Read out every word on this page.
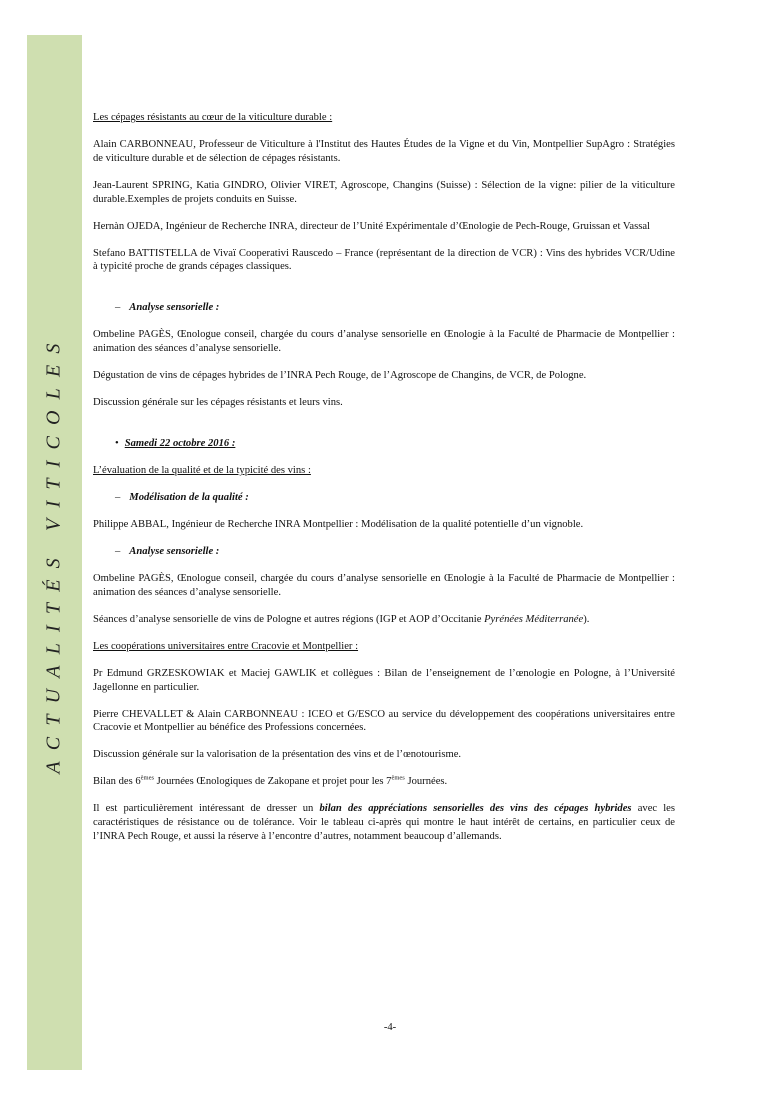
ACTUALITÉS VITICOLES

Les cépages résistants au cœur de la viticulture durable :

Alain CARBONNEAU, Professeur de Viticulture à l'Institut des Hautes Études de la Vigne et du Vin, Montpellier SupAgro : Stratégies de viticulture durable et de sélection de cépages résistants.

Jean-Laurent SPRING, Katia GINDRO, Olivier VIRET, Agroscope, Changins (Suisse) : Sélection de la vigne: pilier de la viticulture durable.Exemples de projets conduits en Suisse.

Hernàn OJEDA, Ingénieur de Recherche INRA, directeur de l’Unité Expérimentale d’Œnologie de Pech-Rouge, Gruissan et Vassal

Stefano BATTISTELLA de Vivaï Cooperativi Rauscedo – France (représentant de la direction de VCR) : Vins des hybrides VCR/Udine à typicité proche de grands cépages classiques.

– Analyse sensorielle :

Ombeline PAGÈS, Œnologue conseil, chargée du cours d’analyse sensorielle en Œnologie à la Faculté de Pharmacie de Montpellier : animation des séances d’analyse sensorielle.

Dégustation de vins de cépages hybrides de l’INRA Pech Rouge, de l’Agroscope de Changins, de VCR, de Pologne.

Discussion générale sur les cépages résistants et leurs vins.

• Samedi 22 octobre 2016 :

L’évaluation de la qualité et de la typicité des vins :

– Modélisation de la qualité :

Philippe ABBAL, Ingénieur de Recherche INRA Montpellier : Modélisation de la qualité potentielle d’un vignoble.

– Analyse sensorielle :

Ombeline PAGÈS, Œnologue conseil, chargée du cours d’analyse sensorielle en Œnologie à la Faculté de Pharmacie de Montpellier : animation des séances d’analyse sensorielle.

Séances d’analyse sensorielle de vins de Pologne et autres régions (IGP et AOP d’Occitanie Pyrénées Méditerranée).

Les coopérations universitaires entre Cracovie et Montpellier :

Pr Edmund GRZESKOWIAK et Maciej GAWLIK et collègues : Bilan de l’enseignement de l’œnologie en Pologne, à l’Université Jagellonne en particulier.

Pierre CHEVALLET & Alain CARBONNEAU : ICEO et G/ESCO au service du développement des coopérations universitaires entre Cracovie et Montpellier au bénéfice des Professions concernées.

Discussion générale sur la valorisation de la présentation des vins et de l’œnotourisme.

Bilan des 6èmes Journées Œnologiques de Zakopane et projet pour les 7èmes Journées.

Il est particulièrement intéressant de dresser un bilan des appréciations sensorielles des vins des cépages hybrides avec les caractéristiques de résistance ou de tolérance. Voir le tableau ci-après qui montre le haut intérêt de certains, en particulier ceux de l’INRA Pech Rouge, et aussi la réserve à l’encontre d’autres, notamment beaucoup d’allemands.

-4-
